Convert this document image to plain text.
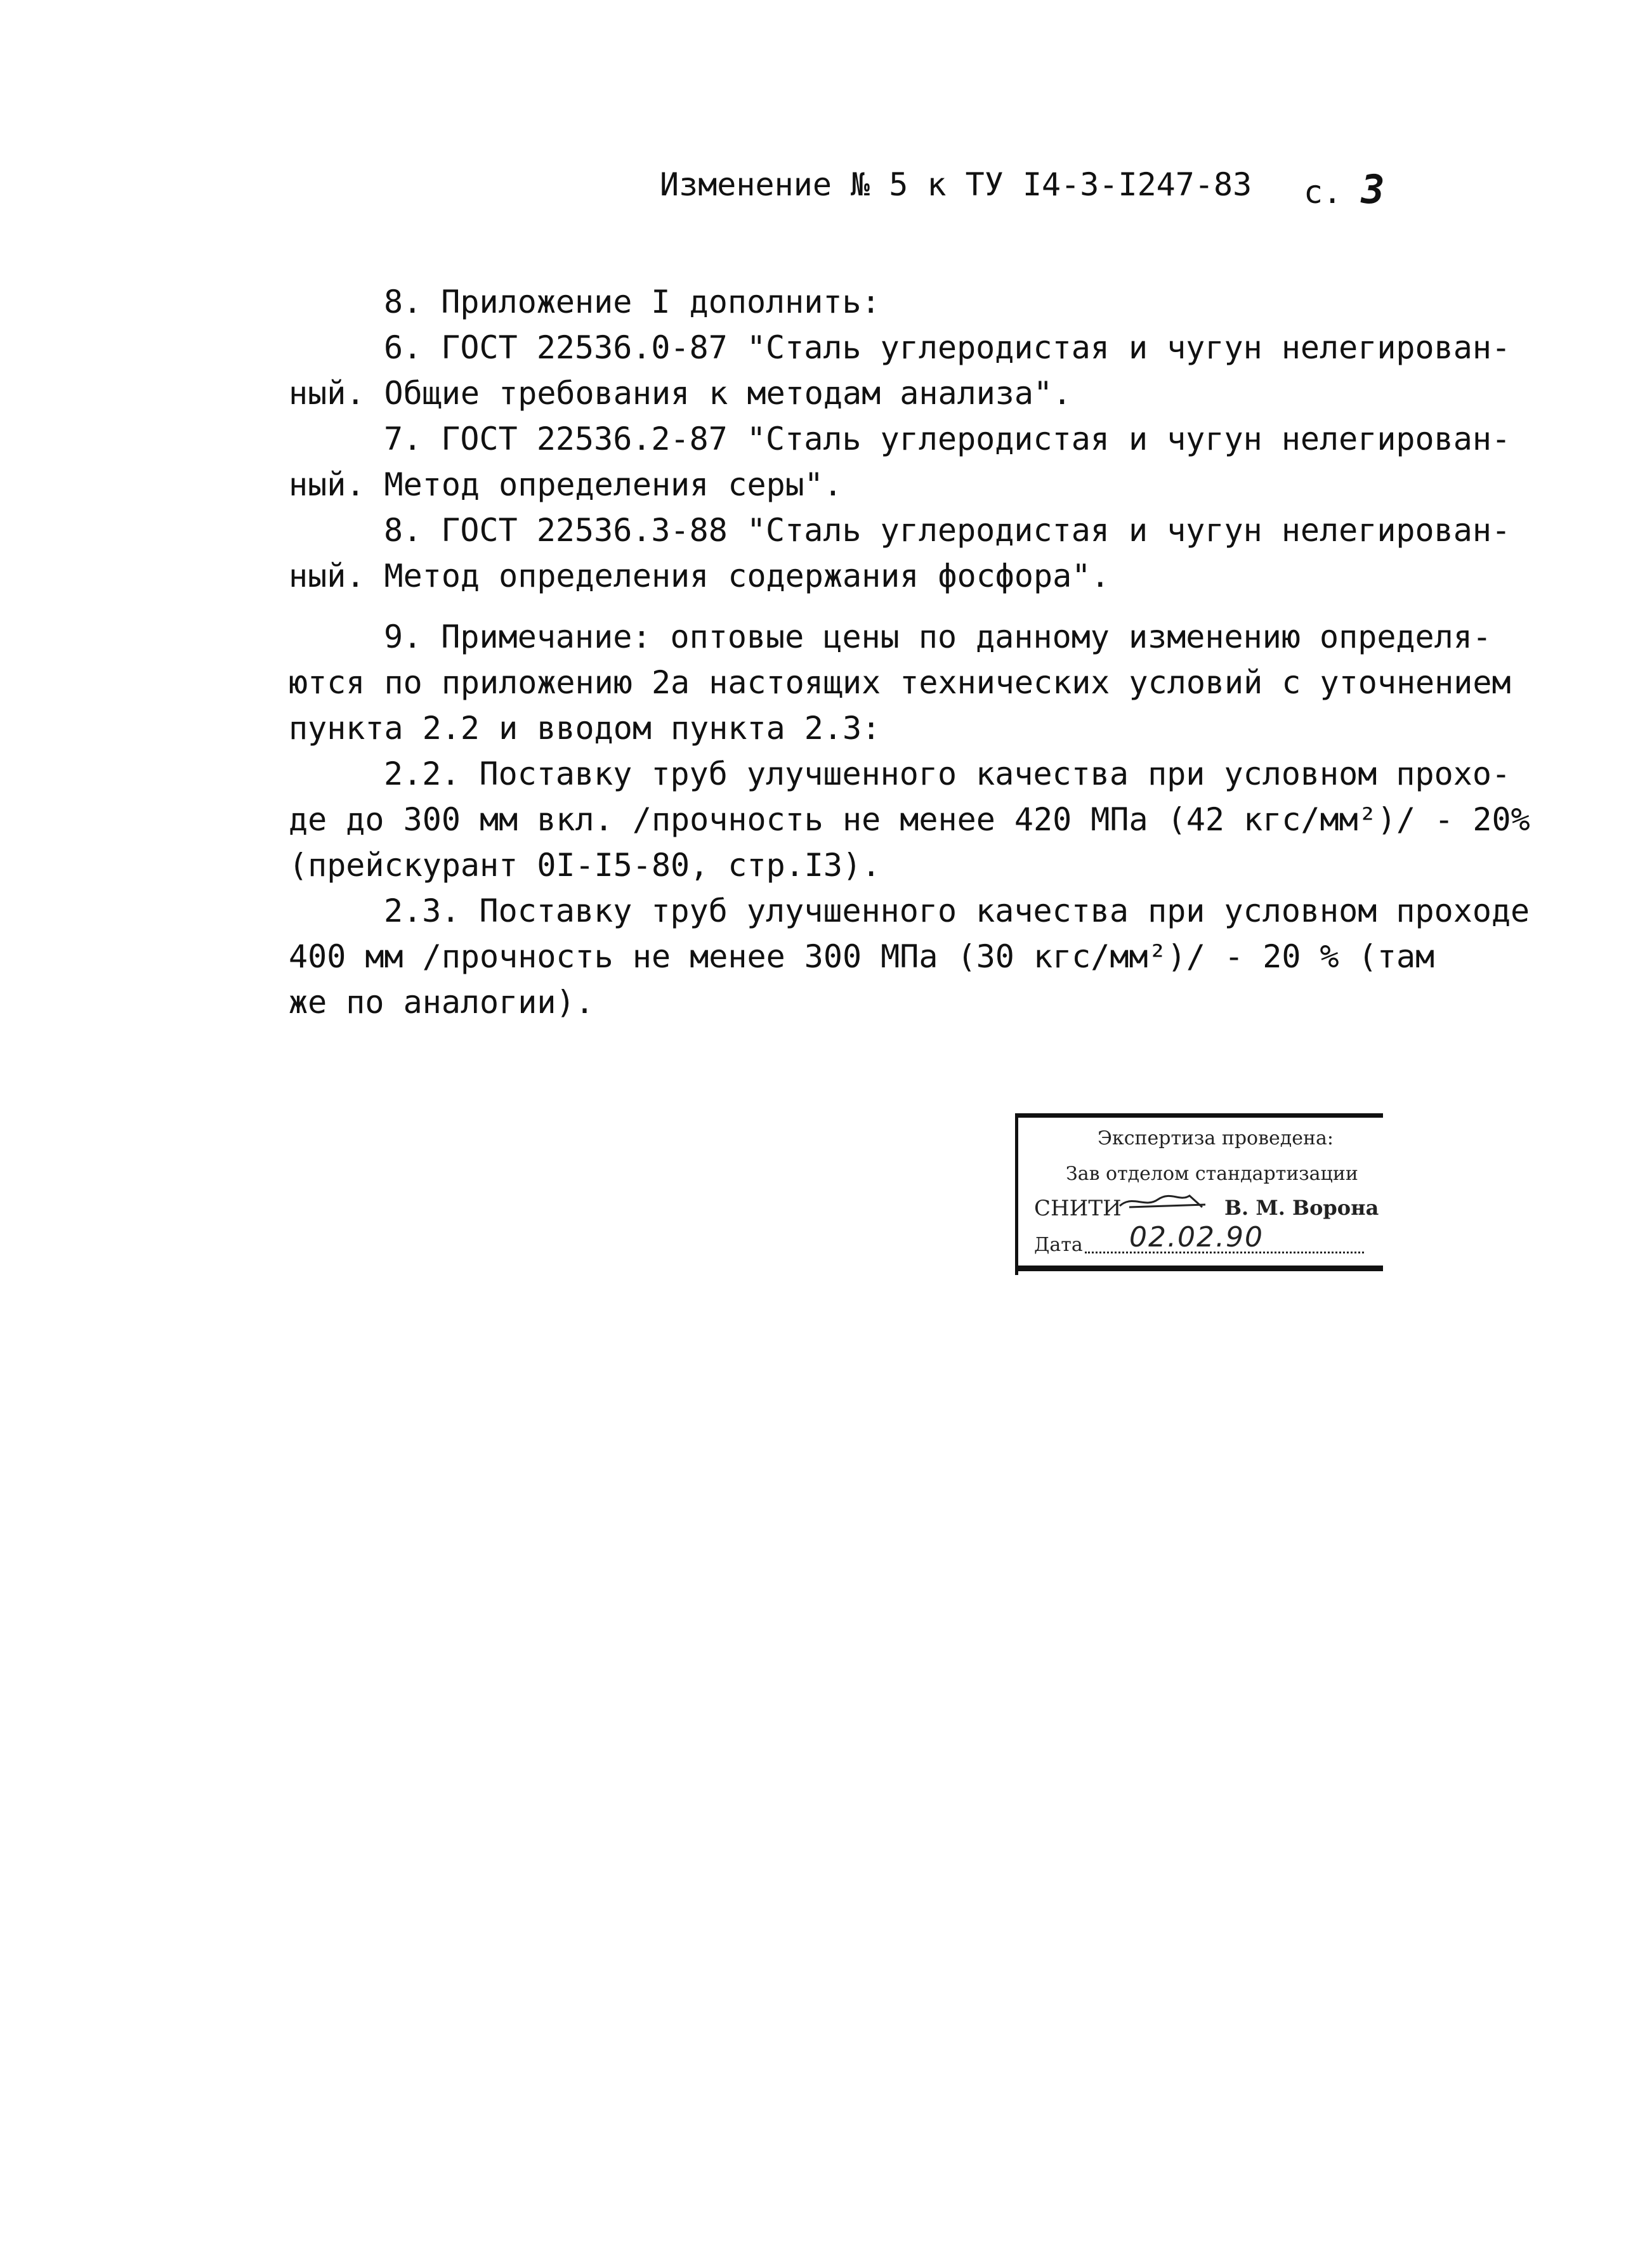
Изменение № 5 к ТУ I4-3-I247-83 с. 3
8. Приложение I дополнить:
6. ГОСТ 22536.0-87 "Сталь углеродистая и чугун нелегирован-
ный. Общие требования к методам анализа".
7. ГОСТ 22536.2-87 "Сталь углеродистая и чугун нелегирован-
ный. Метод определения серы".
8. ГОСТ 22536.3-88 "Сталь углеродистая и чугун нелегирован-
ный. Метод определения содержания фосфора".
9. Примечание: оптовые цены по данному изменению определя-
ются по приложению 2а настоящих технических условий с уточнением
пункта 2.2 и вводом пункта 2.3:
2.2. Поставку труб улучшенного качества при условном прохо-
де до 300 мм вкл. /прочность не менее 420 МПа (42 кгс/мм²)/ - 20%
(прейскурант 0I-I5-80, стр.I3).
2.3. Поставку труб улучшенного качества при условном проходе
400 мм /прочность не менее 300 МПа (30 кгс/мм²)/ - 20 % (там
же по аналогии).
Экспертиза проведена:
Зав отделом стандартизации
СНИТИ	В. М. Ворона
Дата 02.02.90
